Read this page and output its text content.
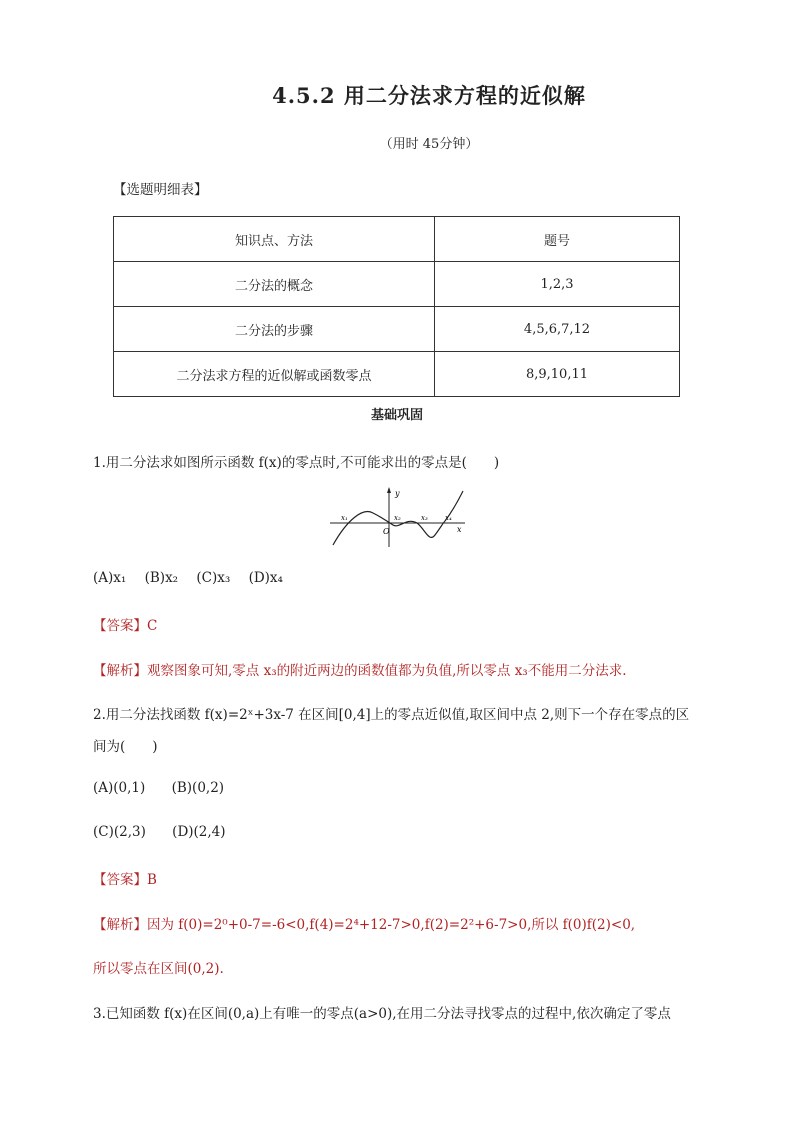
4.5.2 用二分法求方程的近似解
（用时 45分钟）
【选题明细表】
知识点、方法	题号
二分法的概念	1,2,3
二分法的步骤	4,5,6,7,12
二分法求方程的近似解或函数零点	8,9,10,11
基础巩固
1.用二分法求如图所示函数 f(x)的零点时,不可能求出的零点是(　　)
y
x
O
x₁	x₂	x₃ x₄
(A)x₁ (B)x₂ (C)x₃ (D)x₄
【答案】C
【解析】观察图象可知,零点 x₃的附近两边的函数值都为负值,所以零点 x₃不能用二分法求.
2.用二分法找函数 f(x)=2ˣ+3x-7 在区间[0,4]上的零点近似值,取区间中点 2,则下一个存在零点的区
间为(　　)
(A)(0,1) (B)(0,2)
(C)(2,3) (D)(2,4)
【答案】B
【解析】因为 f(0)=2⁰+0-7=-6<0,f(4)=2⁴+12-7>0,f(2)=2²+6-7>0,所以 f(0)f(2)<0,
所以零点在区间(0,2).
3.已知函数 f(x)在区间(0,a)上有唯一的零点(a>0),在用二分法寻找零点的过程中,依次确定了零点
